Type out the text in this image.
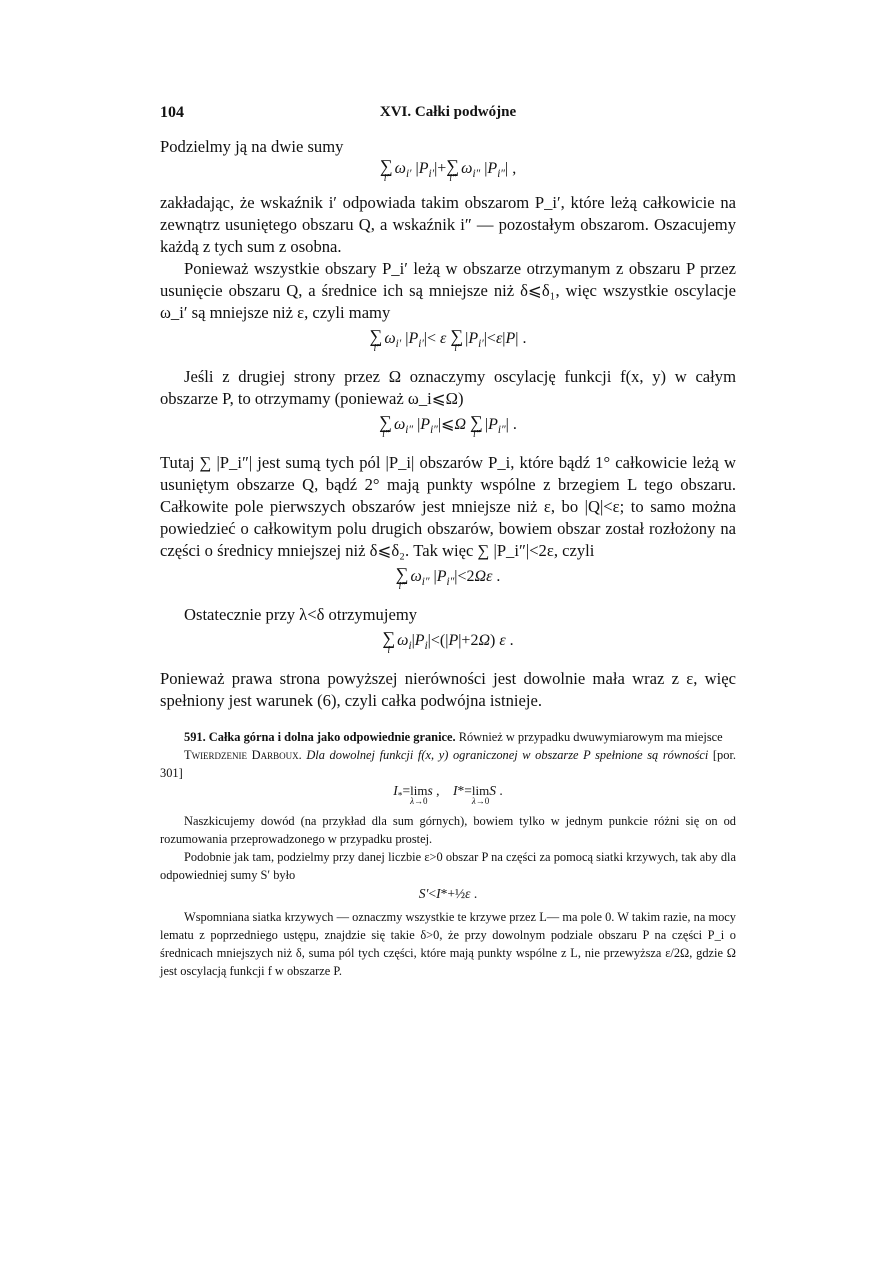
104	XVI. Całki podwójne

Podzielmy ją na dwie sumy

∑
i′
$\omega_{i'}$ $|P_{i'}|+$ ∑
i″
$\omega_{i''}$ $|P_{i''}|$ ,

zakładając, że wskaźnik i′ odpowiada takim obszarom P_i′, które leżą całkowicie na zewnątrz usuniętego obszaru Q, a wskaźnik i″ — pozostałym obszarom. Oszacujemy każdą z tych sum z osobna.

Ponieważ wszystkie obszary P_i′ leżą w obszarze otrzymanym z obszaru P przez usunięcie obszaru Q, a średnice ich są mniejsze niż δ⩽δ₁, więc wszystkie oscylacje ω_i′ są mniejsze niż ε, czyli mamy

∑
i′
$\omega_{i'}$ $|P_{i'}|< \varepsilon$ ∑
i′
$|P_{i'}|<\varepsilon|P|$ .

Jeśli z drugiej strony przez Ω oznaczymy oscylację funkcji f(x, y) w całym obszarze P, to otrzymamy (ponieważ ω_i⩽Ω)

∑
i″
$\omega_{i''}$ $|P_{i''}|⩽\Omega$ ∑
i″
$|P_{i''}|$ .

Tutaj ∑ |P_i″| jest sumą tych pól |P_i| obszarów P_i, które bądź 1° całkowicie leżą w usuniętym obszarze Q, bądź 2° mają punkty wspólne z brzegiem L tego obszaru. Całkowite pole pierwszych obszarów jest mniejsze niż ε, bo |Q|<ε; to samo można powiedzieć o całkowitym polu drugich obszarów, bowiem obszar został rozłożony na części o średnicy mniejszej niż δ⩽δ₂. Tak więc ∑ |P_i″|<2ε, czyli

∑
i″
$\omega_{i''}$ $|P_{i''}|<2\Omega\varepsilon$ .

Ostatecznie przy λ<δ otrzymujemy

∑
i
$\omega_i|P_i|<(|P|+2\Omega)$ ε .

Ponieważ prawa strona powyższej nierówności jest dowolnie mała wraz z ε, więc spełniony jest warunek (6), czyli całka podwójna istnieje.

591. Całka górna i dolna jako odpowiednie granice. Również w przypadku dwuwymiarowym ma miejsce

Twierdzenie Darboux. Dla dowolnej funkcji f(x, y) ograniczonej w obszarze P spełnione są równości [por. 301]

$I_*= \lim$
λ→0
s ,    I*= lim
λ→0
S .

Naszkicujemy dowód (na przykład dla sum górnych), bowiem tylko w jednym punkcie różni się on od rozumowania przeprowadzonego w przypadku prostej.

Podobnie jak tam, podzielmy przy danej liczbie ε>0 obszar P na części za pomocą siatki krzywych, tak aby dla odpowiedniej sumy S′ było

S′<I*+½ε .

Wspomniana siatka krzywych — oznaczmy wszystkie te krzywe przez L— ma pole 0. W takim razie, na mocy lematu z poprzedniego ustępu, znajdzie się takie δ>0, że przy dowolnym podziale obszaru P na części P_i o średnicach mniejszych niż δ, suma pól tych części, które mają punkty wspólne z L, nie przewyższa ε/2Ω, gdzie Ω jest oscylacją funkcji f w obszarze P.
